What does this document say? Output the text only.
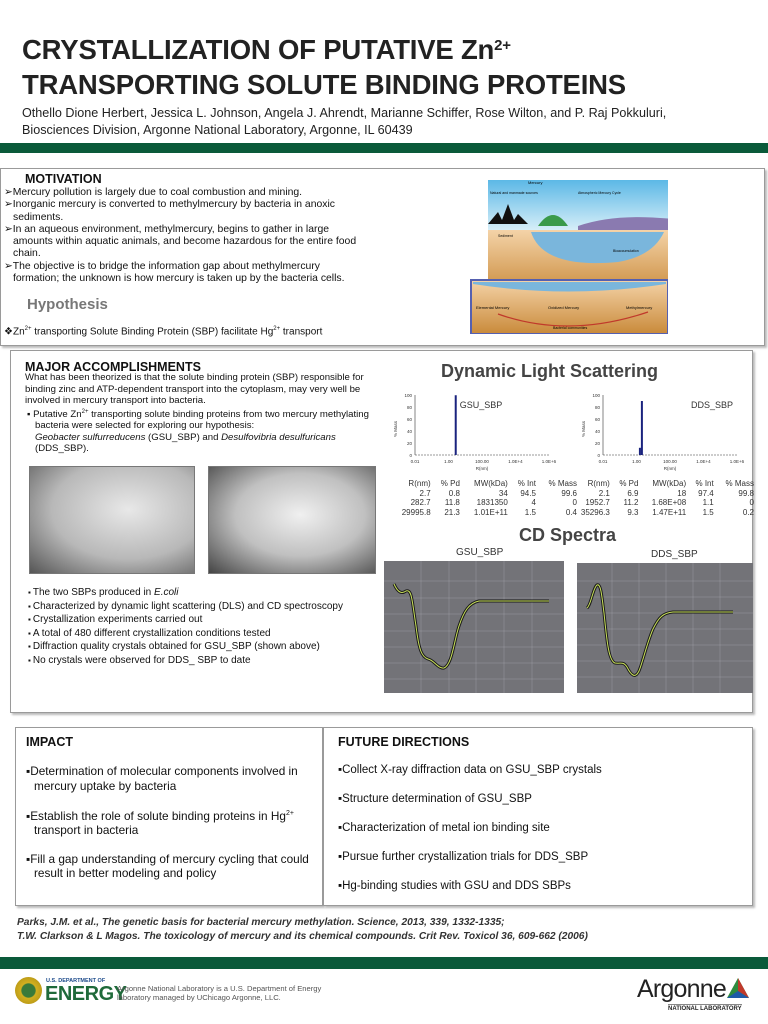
CRYSTALLIZATION OF PUTATIVE $Zn^{2+}$
TRANSPORTING SOLUTE BINDING PROTEINS
Othello Dione Herbert, Jessica L. Johnson, Angela J. Ahrendt, Marianne Schiffer, Rose Wilton, and P. Raj Pokkuluri,
Biosciences Division, Argonne National Laboratory, Argonne, IL 60439
MOTIVATION
➢Mercury pollution is largely due to coal combustion and mining.
➢Inorganic mercury is converted to methylmercury by bacteria in anoxic sediments.
➢In an aqueous environment, methylmercury, begins to gather in large amounts within aquatic animals, and become hazardous for the entire food chain.
➢The objective is to bridge the information gap about methylmercury formation; the unknown is how mercury is taken up by the bacteria cells.
Hypothesis
$❖Zn^{2+}$ transporting Solute Binding Protein (SBP) facilitate $Hg^{2+}$ transport
Mercury
Natural and manmade sources	Atmospheric Mercury Cycle
Sediment
Bioaccumulation
Elemental Mercury	Oxidized Mercury	Methylmercury
Bacterial communities
MAJOR ACCOMPLISHMENTS
What has been theorized is that the solute binding protein (SBP) responsible for binding zinc and ATP-dependent transport into the cytoplasm, may very well be involved in mercury transport into bacteria.
▪ Putative $Zn^{2+}$ transporting solute binding proteins from two mercury methylating bacteria were selected for exploring our hypothesis:
Geobacter sulfurreducens (GSU_SBP) and Desulfovibria desulfuricans
(DDS_SBP).
▪ The two SBPs produced in E.coli
▪ Characterized by dynamic light scattering (DLS) and CD spectroscopy
▪ Crystallization experiments carried out
▪ A total of 480 different crystallization conditions tested
▪ Diffraction quality crystals obtained for GSU_SBP (shown above)
▪ No crystals were observed for DDS_ SBP to date
Dynamic Light Scattering
100
80
60
40
20
0
0.01	1.00	100.00	1.0E+4	1.0E+6
% Mass
R(nm)
GSU_SBP
100
80
60
40
20
0
0.01	1.00	100.00	1.0E+4	1.0E+6
% Mass
R(nm)
DDS_SBP
R(nm)	% Pd	MW(kDa)	% Int	% Mass
2.7	0.8	34	94.5	99.6
282.7	11.8	1831350	4	0
29995.8	21.3	1.01E+11	1.5	0.4
R(nm)	% Pd	MW(kDa)	% Int	% Mass
2.1	6.9	18	97.4	99.8
1952.7	11.2	1.68E+08	1.1	0
35296.3	9.3	1.47E+11	1.5	0.2
CD Spectra
GSU_SBP	DDS_SBP
IMPACT
▪Determination of molecular components involved in mercury uptake by bacteria
▪Establish the role of solute binding proteins in $Hg^{2+}$ transport in bacteria
▪Fill a gap understanding of mercury cycling that could result in better modeling and policy
FUTURE DIRECTIONS
▪Collect X-ray diffraction data on GSU_SBP crystals
▪Structure determination of GSU_SBP
▪Characterization of metal ion binding site
▪Pursue further crystallization trials for DDS_SBP
▪Hg-binding studies with GSU and DDS SBPs
Parks, J.M. et al., The genetic basis for bacterial mercury methylation. Science, 2013, 339, 1332-1335;
T.W. Clarkson & L Magos. The toxicology of mercury and its chemical compounds. Crit Rev. Toxicol 36, 609-662 (2006)
U.S. DEPARTMENT OF
ENERGY
Argonne National Laboratory is a U.S. Department of Energy
laboratory managed by UChicago Argonne, LLC.	Argonne
NATIONAL LABORATORY
